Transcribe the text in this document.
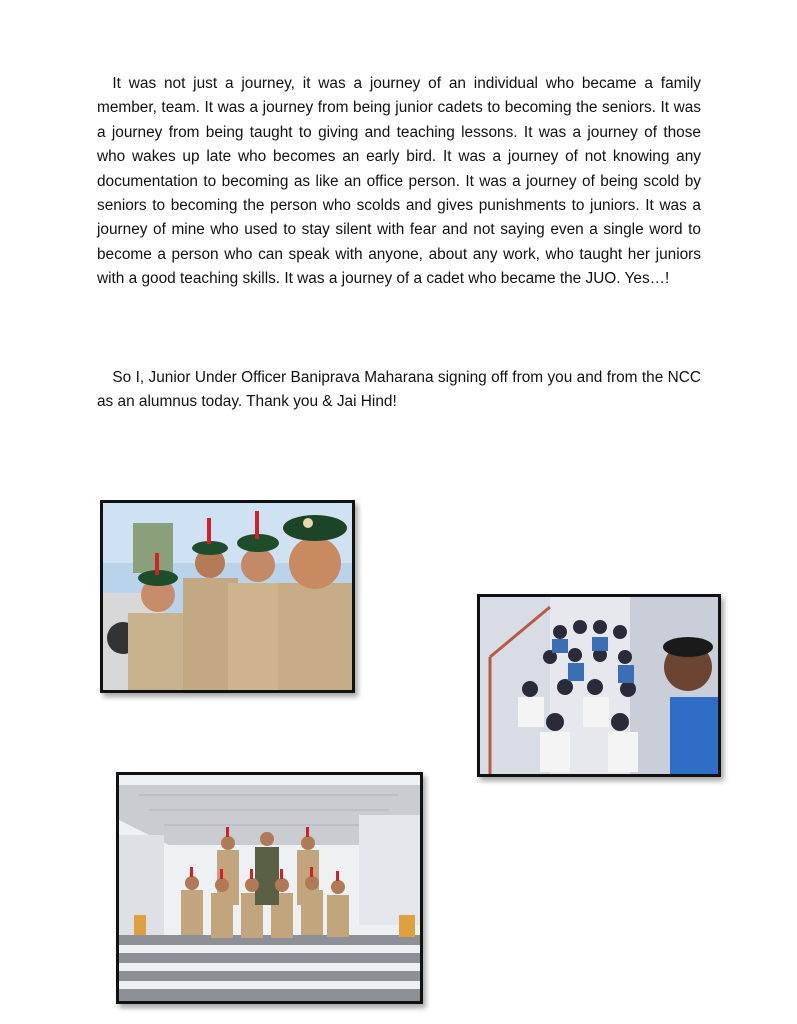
 It was not just a journey, it was a journey of an individual who became a family member, team. It was a journey from being junior cadets to becoming the seniors. It was a journey from being taught to giving and teaching lessons. It was a journey of those who wakes up late who becomes an early bird. It was a journey of not knowing any documentation to becoming as like an office person. It was a journey of being scold by seniors to becoming the person who scolds and gives punishments to juniors. It was a journey of mine who used to stay silent with fear and not saying even a single word to become a person who can speak with anyone, about any work, who taught her juniors with a good teaching skills. It was a journey of a cadet who became the JUO. Yes…!

 So I, Junior Under Officer Baniprava Maharana signing off from you and from the NCC as an alumnus today. Thank you & Jai Hind!
